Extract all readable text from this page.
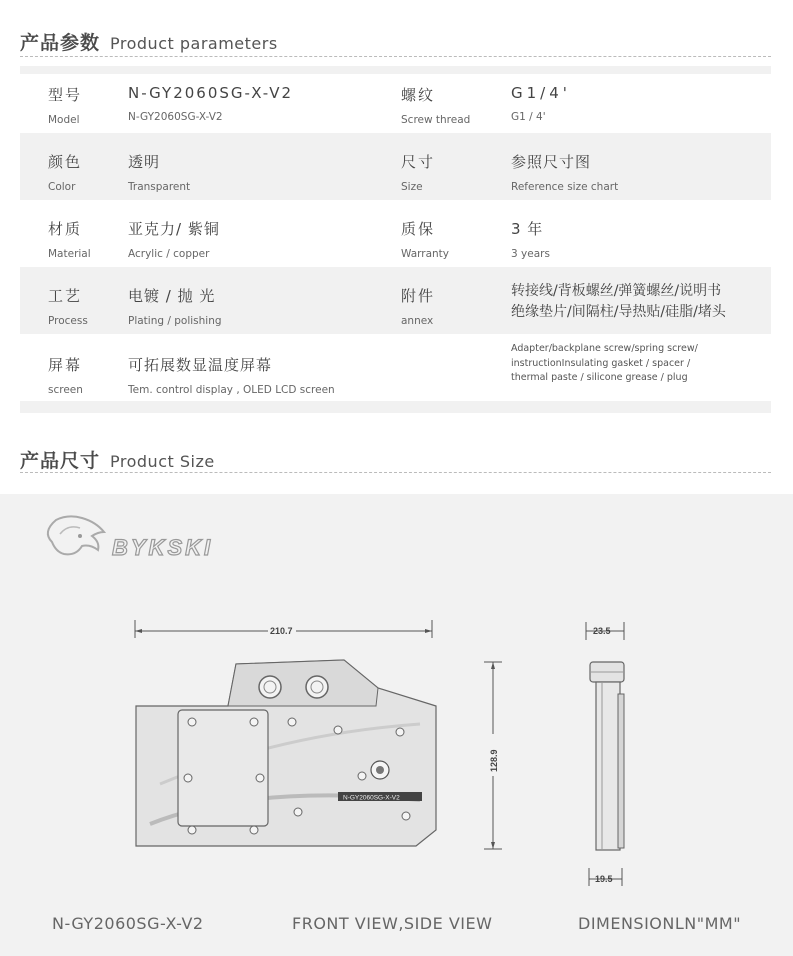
产品参数 Product parameters
型号
Model
N-GY2060SG-X-V2
N-GY2060SG-X-V2
螺纹
Screw thread
G1/4'
G1 / 4'
颜色
Color
透明
Transparent
尺寸
Size
参照尺寸图
Reference size chart
材质
Material
亚克力/ 紫铜
Acrylic / copper
质保
Warranty
3 年
3 years
工艺
Process
电镀 / 抛 光
Plating / polishing
附件
annex
转接线/背板螺丝/弹簧螺丝/说明书
绝缘垫片/间隔柱/导热贴/硅脂/堵头
屏幕
screen
可拓展数显温度屏幕
Tem. control display , OLED LCD screen
Adapter/backplane screw/spring screw/
instructionInsulating gasket / spacer /
thermal paste / silicone grease / plug
产品尺寸 Product Size
BYKSKI
210.7
128.9
N-GY2060SG-X-V2
23.5
19.5
N-GY2060SG-X-V2	FRONT VIEW,SIDE VIEW	DIMENSIONLN"MM"
